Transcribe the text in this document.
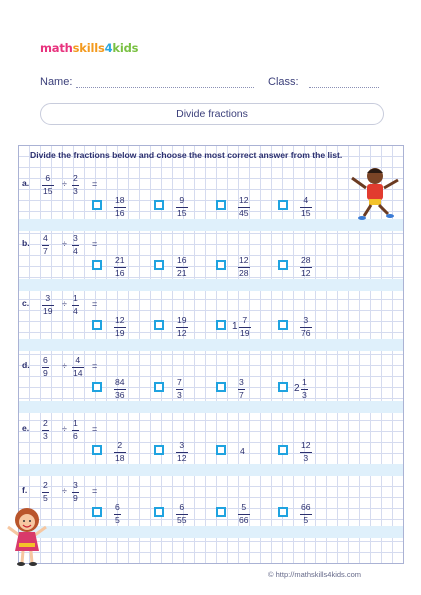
mathskills4kids
Name:	Class:
Divide fractions
Divide the fractions below and choose the most correct answer from the list.
a. 6
15
÷
2
3
=
18
16
9
15
12
45
4
15
b. 4
7
÷
3
4
=
21
16
16
21
12
28
28
12
c. 3
19
÷
1
4
=
12
19
19
12
1
7
19
3
76
d. 6
9
÷
4
14
=
84
36
7
3
3
7
2
1
3
e. 2
3
÷
1
6
=
2
18
3
12
4
12
3
f. 2
5
÷
3
9
=
6
5
6
55
5
66
66
5
© http://mathskills4kids.com
